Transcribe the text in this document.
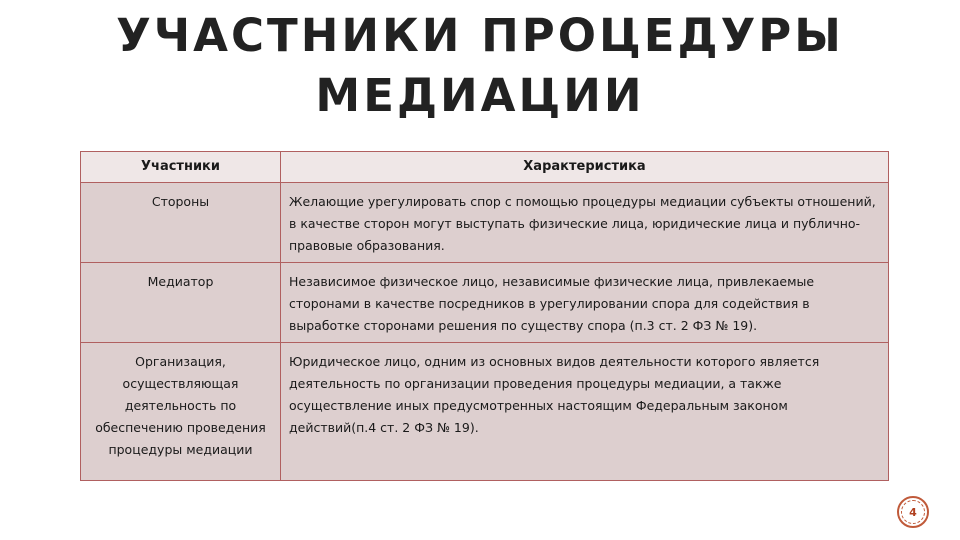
УЧАСТНИКИ ПРОЦЕДУРЫ
МЕДИАЦИИ
Участники	Характеристика
Стороны	Желающие урегулировать спор с помощью процедуры медиации субъекты отношений, в качестве сторон могут выступать физические лица, юридические лица и публично-правовые образования.
Медиатор	Независимое физическое лицо, независимые физические лица, привлекаемые сторонами в качестве посредников в урегулировании спора для содействия в выработке сторонами решения по существу спора (п.3 ст. 2 ФЗ № 19).
Организация, осуществляющая деятельность по обеспечению проведения процедуры медиации	Юридическое лицо, одним из основных видов деятельности которого является деятельность по организации проведения процедуры медиации, а также осуществление иных предусмотренных настоящим Федеральным законом действий(п.4 ст. 2 ФЗ № 19).
4
